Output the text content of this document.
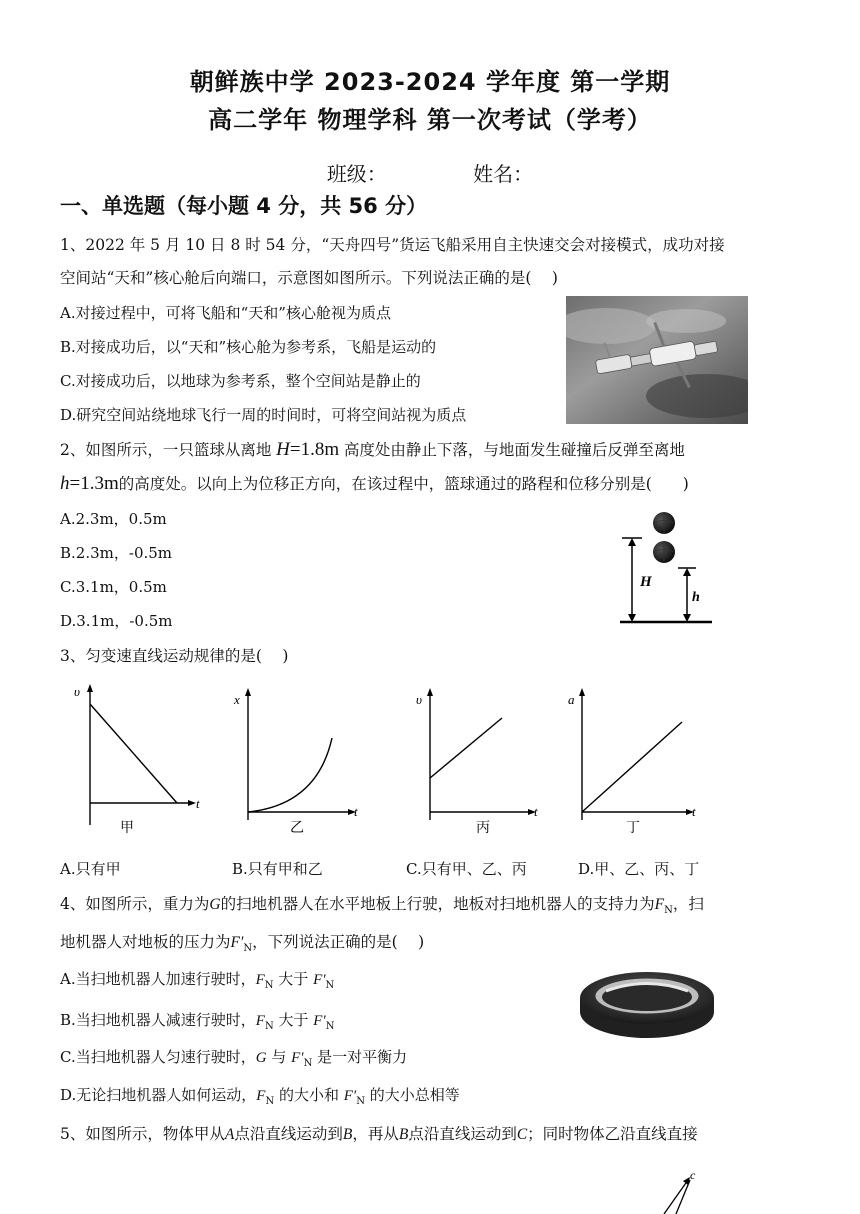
朝鲜族中学 2023-2024 学年度 第一学期
高二学年 物理学科 第一次考试（学考）
班级：	姓名：
一、单选题（每小题 4 分，共 56 分）
1、2022 年 5 月 10 日 8 时 54 分，“天舟四号”货运飞船采用自主快速交会对接模式，成功对接
空间站“天和”核心舱后向端口，示意图如图所示。下列说法正确的是(　 )
A.对接过程中，可将飞船和“天和”核心舱视为质点
B.对接成功后，以“天和”核心舱为参考系，飞船是运动的
C.对接成功后，以地球为参考系，整个空间站是静止的
D.研究空间站绕地球飞行一周的时间时，可将空间站视为质点
2、如图所示，一只篮球从离地 H=1.8m 高度处由静止下落，与地面发生碰撞后反弹至离地
h=1.3m的高度处。以向上为位移正方向，在该过程中，篮球通过的路程和位移分别是(　　)
A.2.3m，0.5m
B.2.3m，-0.5m
C.3.1m，0.5m
D.3.1m，-0.5m
H
h
3、匀变速直线运动规律的是(　 )
υ
t
甲
x
t
乙
υ
t
丙
a
t
丁
A.只有甲	B.只有甲和乙	C.只有甲、乙、丙	D.甲、乙、丙、丁
4、如图所示，重力为G的扫地机器人在水平地板上行驶，地板对扫地机器人的支持力为$F_N$，扫
地机器人对地板的压力为$F'_N$，下列说法正确的是(　 )
A.当扫地机器人加速行驶时，$F_N$ 大于 $F'_N$
B.当扫地机器人减速行驶时，$F_N$ 大于 $F'_N$
C.当扫地机器人匀速行驶时，G 与 $F'_N$ 是一对平衡力
D.无论扫地机器人如何运动，$F_N$ 的大小和 $F'_N$ 的大小总相等
5、如图所示，物体甲从A点沿直线运动到B，再从B点沿直线运动到C；同时物体乙沿直线直接
c
